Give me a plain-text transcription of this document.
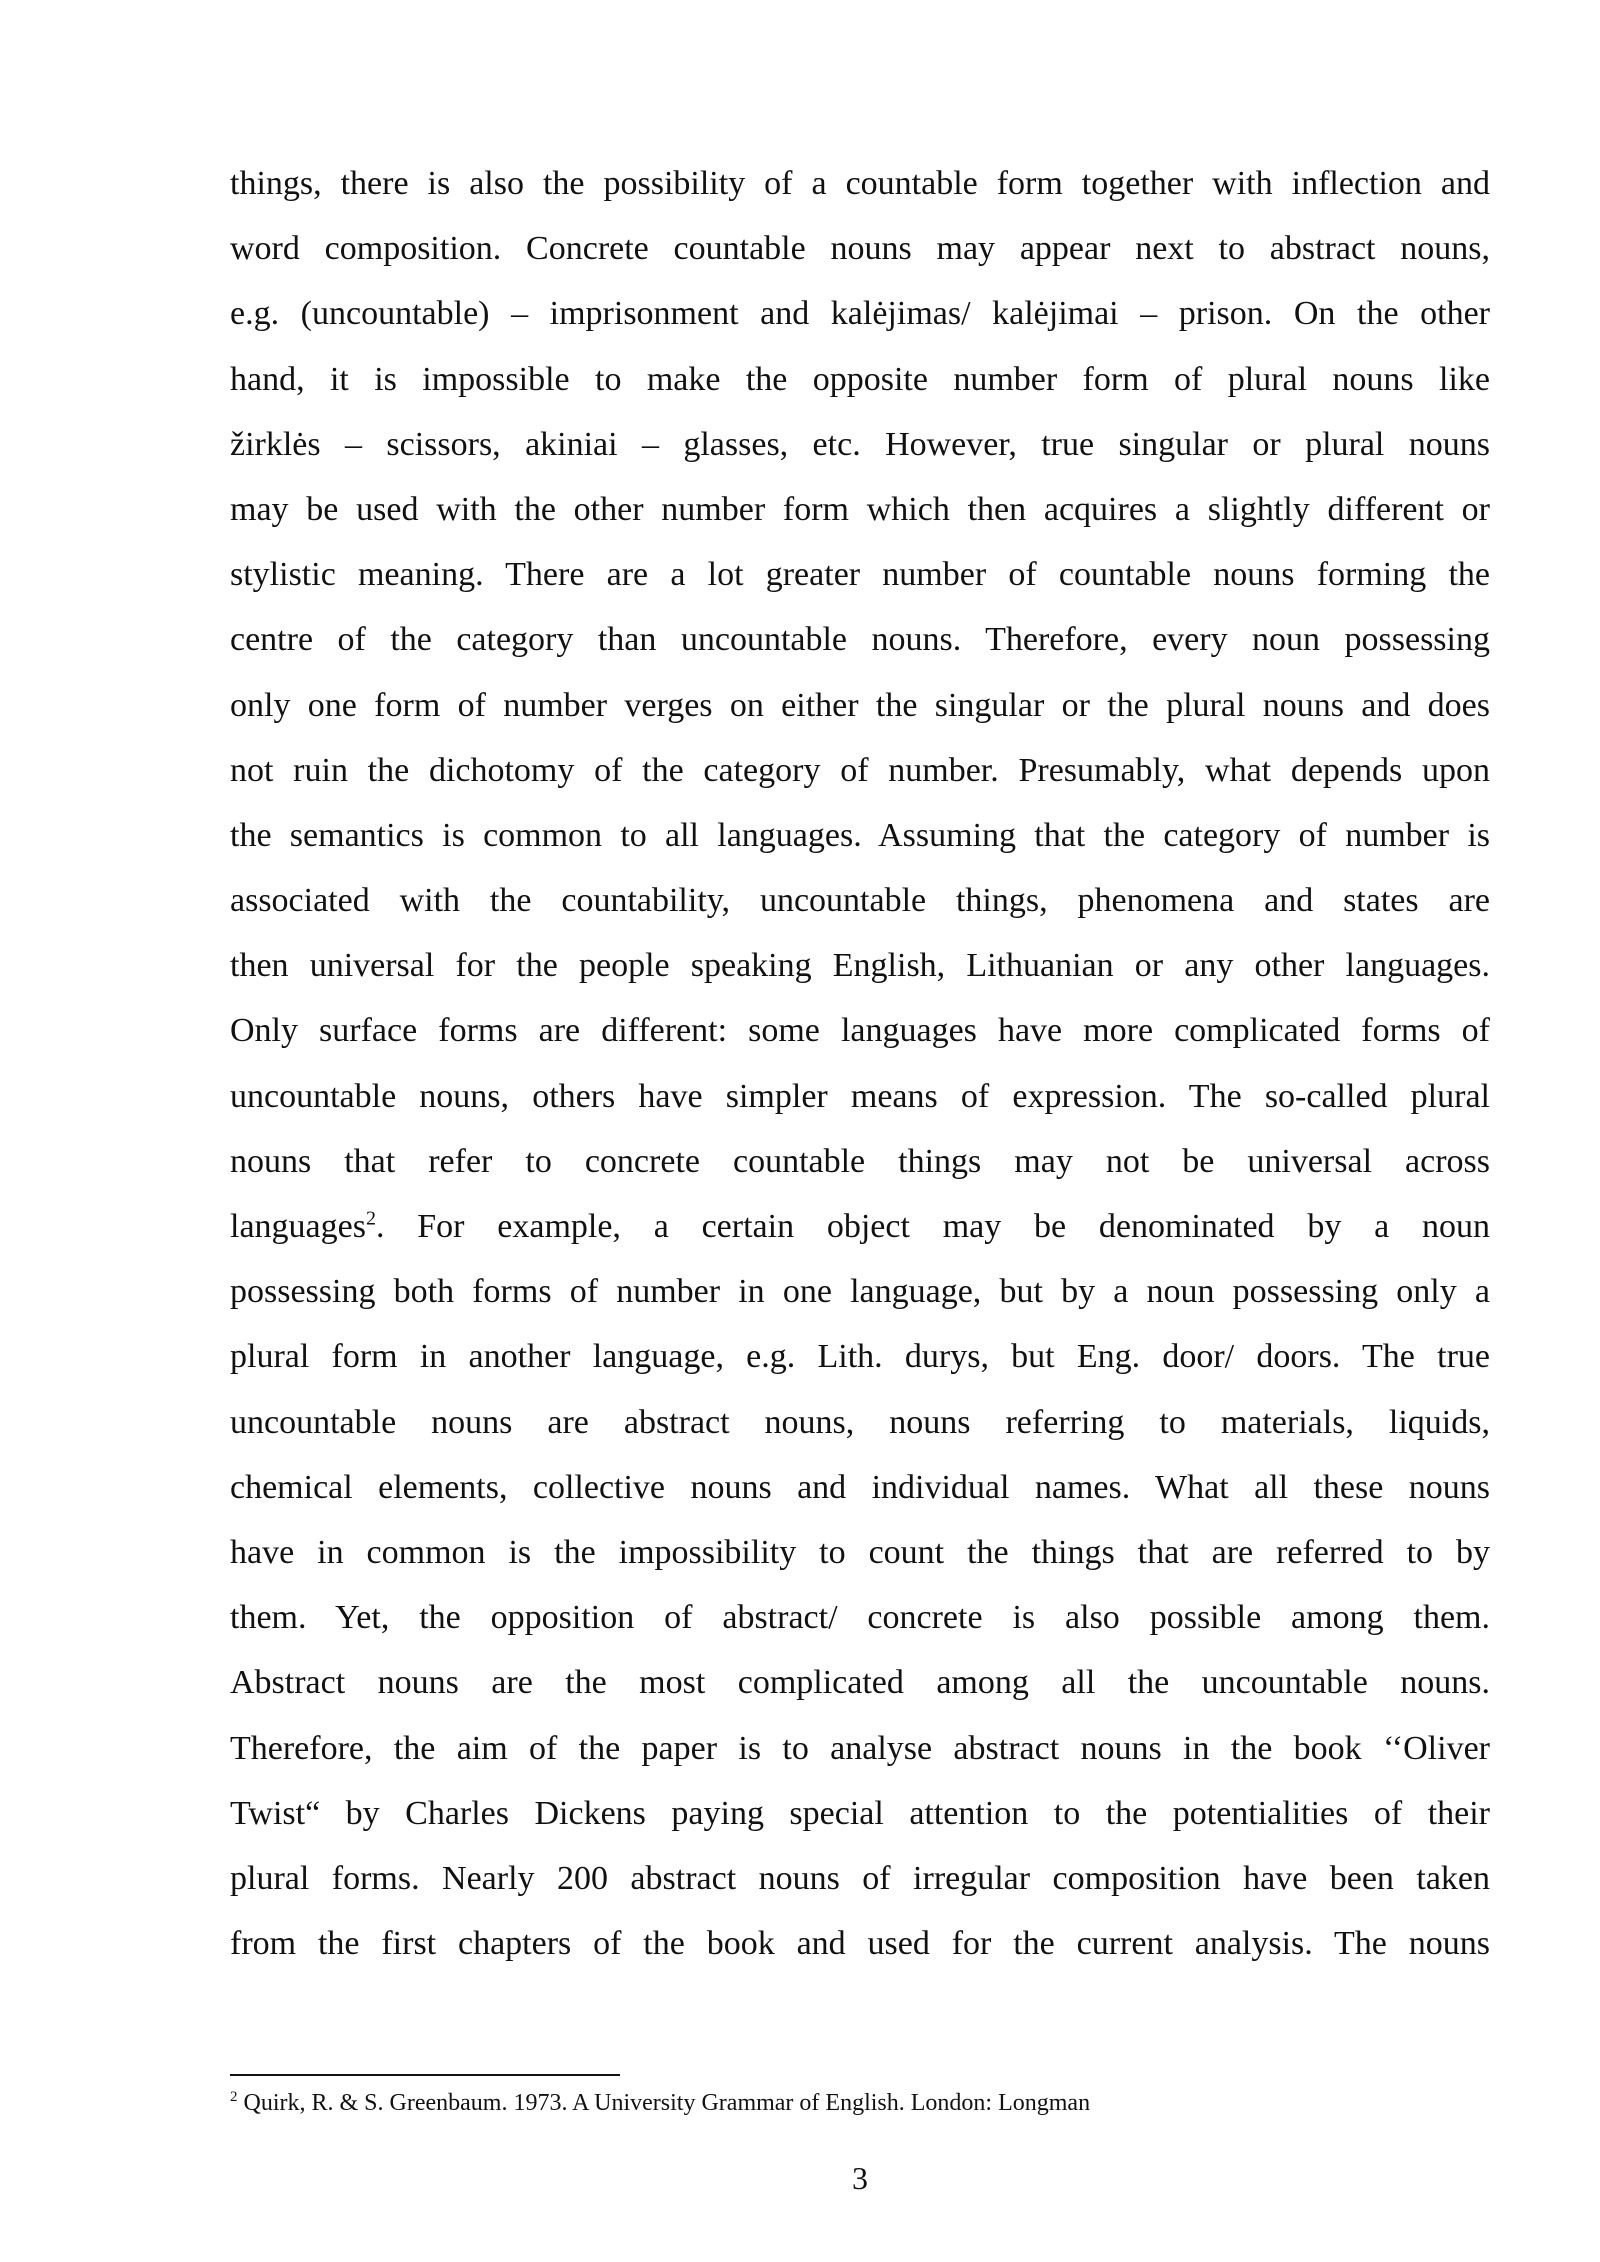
things, there is also the possibility of a countable form together with inflection and
word composition. Concrete countable nouns may appear next to abstract nouns,
e.g. (uncountable) – imprisonment and kalėjimas/ kalėjimai – prison. On the other
hand, it is impossible to make the opposite number form of plural nouns like
žirklės – scissors, akiniai – glasses, etc. However, true singular or plural nouns
may be used with the other number form which then acquires a slightly different or
stylistic meaning. There are a lot greater number of countable nouns forming the
centre of the category than uncountable nouns. Therefore, every noun possessing
only one form of number verges on either the singular or the plural nouns and does
not ruin the dichotomy of the category of number. Presumably, what depends upon
the semantics is common to all languages. Assuming that the category of number is
associated with the countability, uncountable things, phenomena and states are
then universal for the people speaking English, Lithuanian or any other languages.
Only surface forms are different: some languages have more complicated forms of
uncountable nouns, others have simpler means of expression. The so-called plural
nouns that refer to concrete countable things may not be universal across
languages$^2$. For example, a certain object may be denominated by a noun
possessing both forms of number in one language, but by a noun possessing only a
plural form in another language, e.g. Lith. durys, but Eng. door/ doors. The true
uncountable nouns are abstract nouns, nouns referring to materials, liquids,
chemical elements, collective nouns and individual names. What all these nouns
have in common is the impossibility to count the things that are referred to by
them. Yet, the opposition of abstract/ concrete is also possible among them.
Abstract nouns are the most complicated among all the uncountable nouns.
Therefore, the aim of the paper is to analyse abstract nouns in the book ‘‘Oliver
Twist“ by Charles Dickens paying special attention to the potentialities of their
plural forms. Nearly 200 abstract nouns of irregular composition have been taken
from the first chapters of the book and used for the current analysis. The nouns

$^2$ Quirk, R. & S. Greenbaum. 1973. A University Grammar of English. London: Longman

3
